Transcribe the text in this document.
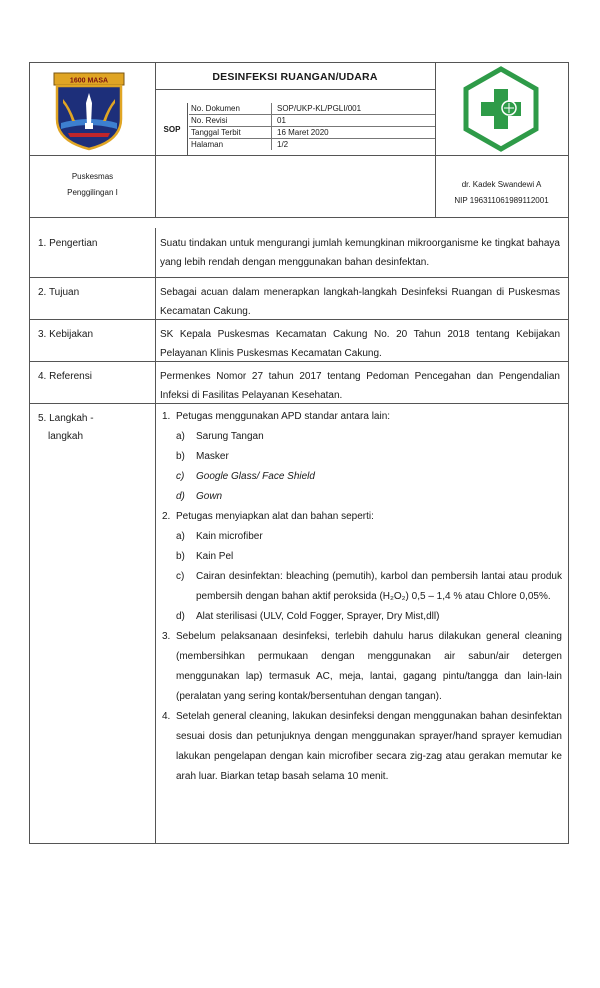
1600 MASA	DESINFEKSI RUANGAN/UDARA
SOP
No. Dokumen	SOP/UKP-KL/PGLI/001
No. Revisi	01
Tanggal Terbit	16 Maret 2020
Halaman	1/2
Puskesmas
Penggilingan I
dr. Kadek Swandewi A
NIP 196311061989112001
1. Pengertian	Suatu tindakan untuk mengurangi jumlah kemungkinan mikroorganisme ke tingkat bahaya yang lebih rendah dengan menggunakan bahan desinfektan.
2. Tujuan	Sebagai acuan dalam menerapkan langkah-langkah Desinfeksi Ruangan di Puskesmas Kecamatan Cakung.
3. Kebijakan	SK Kepala Puskesmas Kecamatan Cakung No. 20 Tahun 2018 tentang Kebijakan Pelayanan Klinis Puskesmas Kecamatan Cakung.
4. Referensi	Permenkes Nomor 27 tahun 2017 tentang Pedoman Pencegahan dan Pengendalian Infeksi di Fasilitas Pelayanan Kesehatan.
5. Langkah -
langkah
1. Petugas menggunakan APD standar antara lain:
a) Sarung Tangan
b) Masker
c) Google Glass/ Face Shield
d) Gown
2. Petugas menyiapkan alat dan bahan seperti:
a) Kain microfiber
b) Kain Pel
c) Cairan desinfektan: bleaching (pemutih), karbol dan pembersih lantai atau produk pembersih dengan bahan aktif peroksida (H₂O₂) 0,5 – 1,4 % atau Chlore 0,05%.
d) Alat sterilisasi (ULV, Cold Fogger, Sprayer, Dry Mist,dll)
3. Sebelum pelaksanaan desinfeksi, terlebih dahulu harus dilakukan general cleaning (membersihkan permukaan dengan menggunakan air sabun/air detergen menggunakan lap) termasuk AC, meja, lantai, gagang pintu/tangga dan lain-lain (peralatan yang sering kontak/bersentuhan dengan tangan).
4. Setelah general cleaning, lakukan desinfeksi dengan menggunakan bahan desinfektan sesuai dosis dan petunjuknya dengan menggunakan sprayer/hand sprayer kemudian lakukan pengelapan dengan kain microfiber secara zig-zag atau gerakan memutar ke arah luar. Biarkan tetap basah selama 10 menit.
